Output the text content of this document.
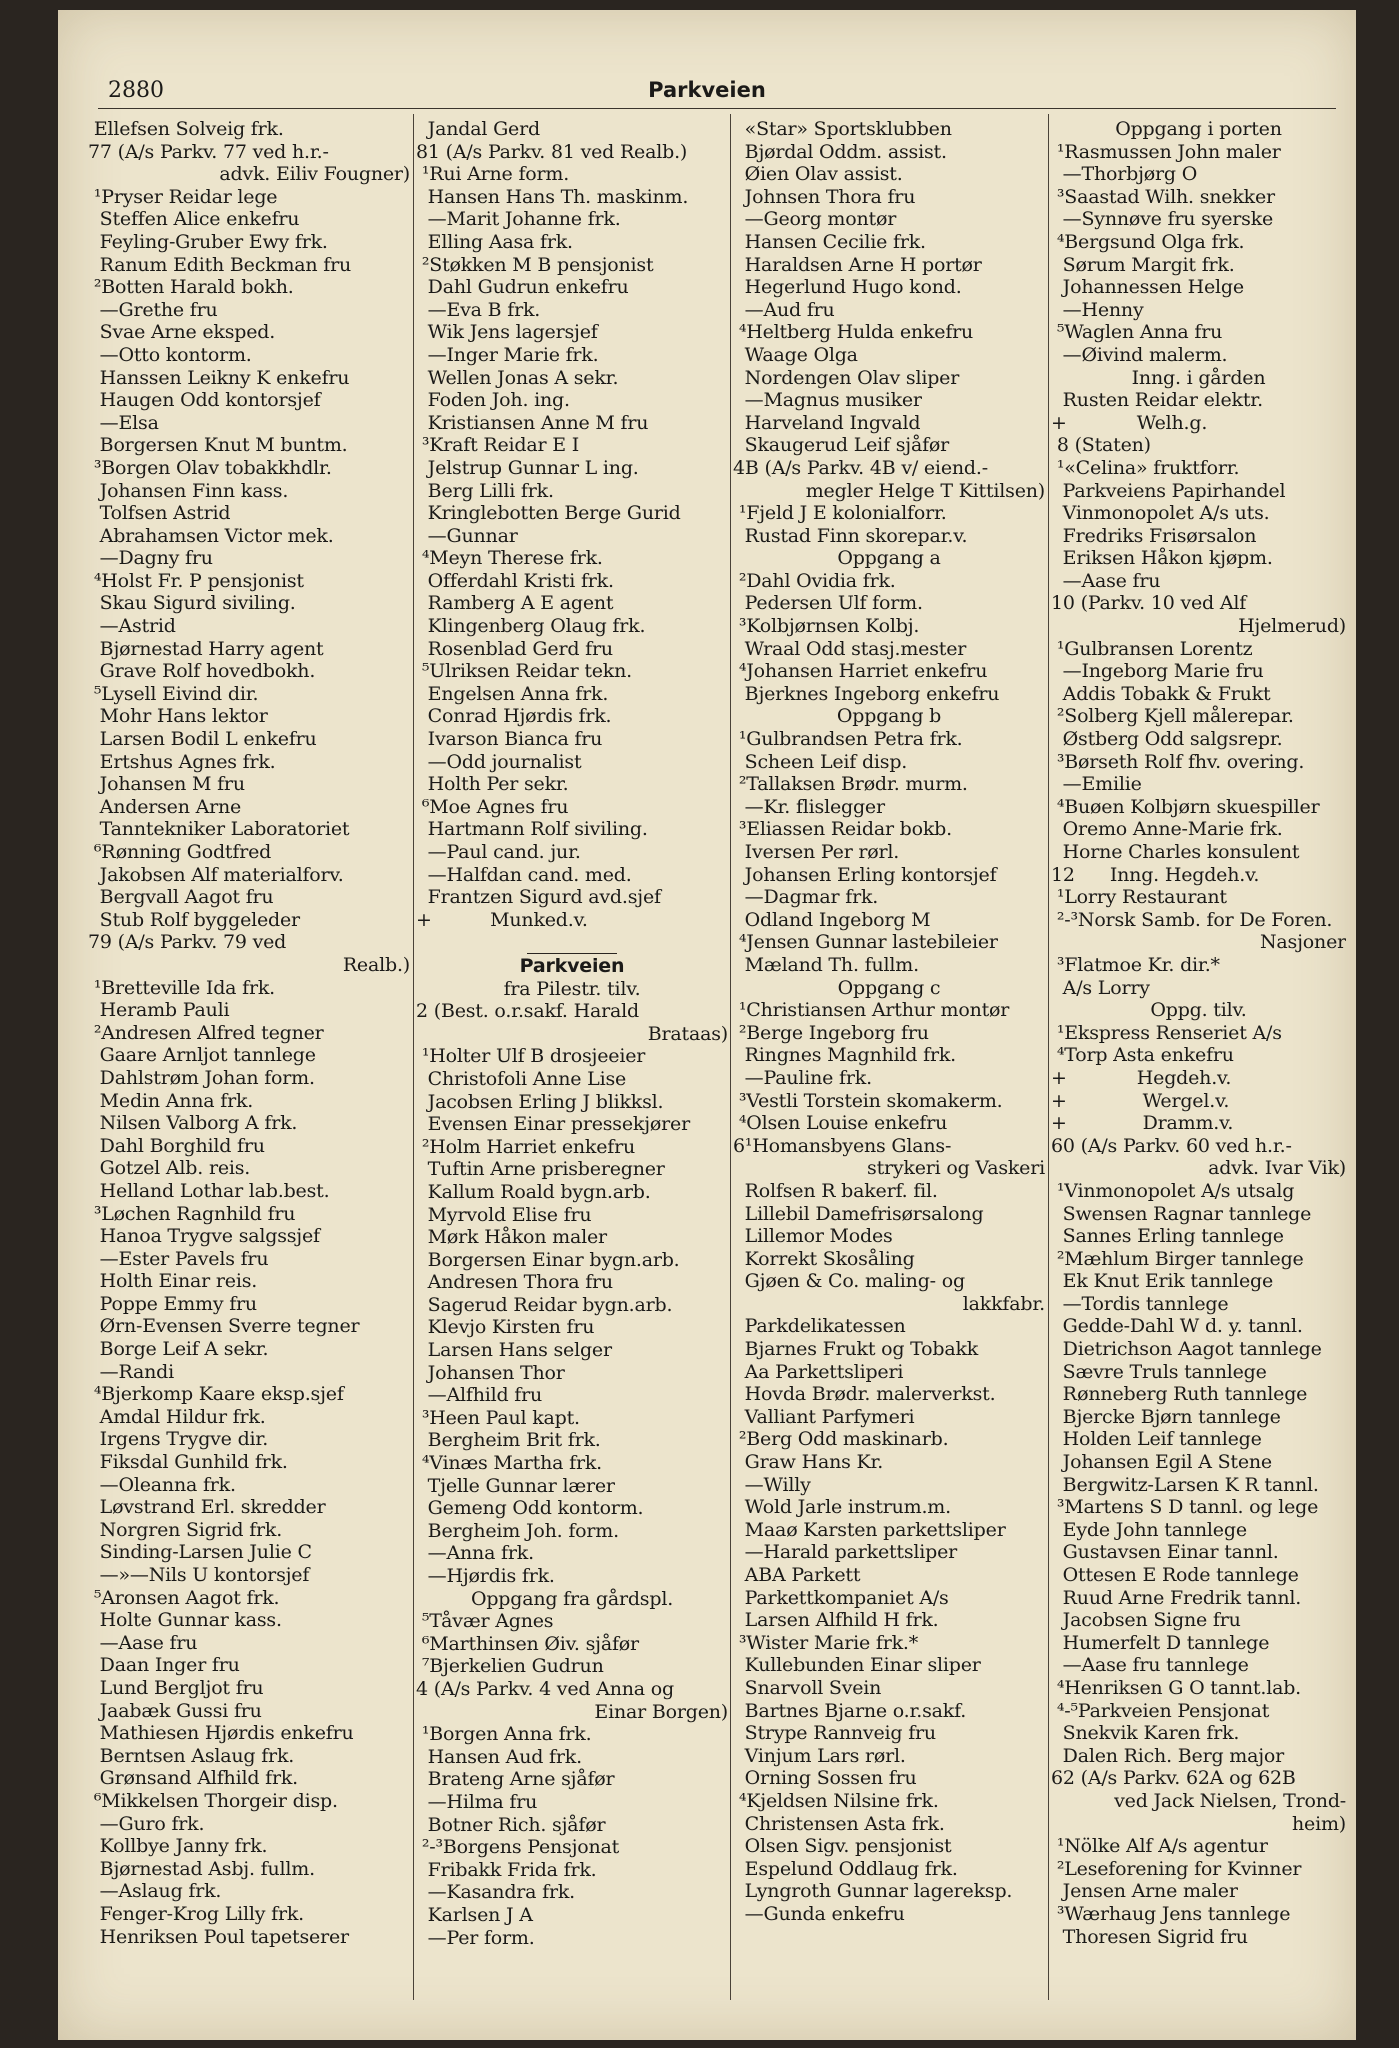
2880	Parkveien
Ellefsen Solveig frk.
77 (A/s Parkv. 77 ved h.r.-
advk. Eiliv Fougner)
¹Pryser Reidar lege
Steffen Alice enkefru
Feyling-Gruber Ewy frk.
Ranum Edith Beckman fru
²Botten Harald bokh.
—Grethe fru
Svae Arne eksped.
—Otto kontorm.
Hanssen Leikny K enkefru
Haugen Odd kontorsjef
—Elsa
Borgersen Knut M buntm.
³Borgen Olav tobakkhdlr.
Johansen Finn kass.
Tolfsen Astrid
Abrahamsen Victor mek.
—Dagny fru
⁴Holst Fr. P pensjonist
Skau Sigurd siviling.
—Astrid
Bjørnestad Harry agent
Grave Rolf hovedbokh.
⁵Lysell Eivind dir.
Mohr Hans lektor
Larsen Bodil L enkefru
Ertshus Agnes frk.
Johansen M fru
Andersen Arne
Tanntekniker Laboratoriet
⁶Rønning Godtfred
Jakobsen Alf materialforv.
Bergvall Aagot fru
Stub Rolf byggeleder
79 (A/s Parkv. 79 ved
Realb.)
¹Bretteville Ida frk.
Heramb Pauli
²Andresen Alfred tegner
Gaare Arnljot tannlege
Dahlstrøm Johan form.
Medin Anna frk.
Nilsen Valborg A frk.
Dahl Borghild fru
Gotzel Alb. reis.
Helland Lothar lab.best.
³Løchen Ragnhild fru
Hanoa Trygve salgssjef
—Ester Pavels fru
Holth Einar reis.
Poppe Emmy fru
Ørn-Evensen Sverre tegner
Borge Leif A sekr.
—Randi
⁴Bjerkomp Kaare eksp.sjef
Amdal Hildur frk.
Irgens Trygve dir.
Fiksdal Gunhild frk.
—Oleanna frk.
Løvstrand Erl. skredder
Norgren Sigrid frk.
Sinding-Larsen Julie C
—»—Nils U kontorsjef
⁵Aronsen Aagot frk.
Holte Gunnar kass.
—Aase fru
Daan Inger fru
Lund Bergljot fru
Jaabæk Gussi fru
Mathiesen Hjørdis enkefru
Berntsen Aslaug frk.
Grønsand Alfhild frk.
⁶Mikkelsen Thorgeir disp.
—Guro frk.
Kollbye Janny frk.
Bjørnestad Asbj. fullm.
—Aslaug frk.
Fenger-Krog Lilly frk.
Henriksen Poul tapetserer
Jandal Gerd
81 (A/s Parkv. 81 ved Realb.)
¹Rui Arne form.
Hansen Hans Th. maskinm.
—Marit Johanne frk.
Elling Aasa frk.
²Støkken M B pensjonist
Dahl Gudrun enkefru
—Eva B frk.
Wik Jens lagersjef
—Inger Marie frk.
Wellen Jonas A sekr.
Foden Joh. ing.
Kristiansen Anne M fru
³Kraft Reidar E I
Jelstrup Gunnar L ing.
Berg Lilli frk.
Kringlebotten Berge Gurid
—Gunnar
⁴Meyn Therese frk.
Offerdahl Kristi frk.
Ramberg A E agent
Klingenberg Olaug frk.
Rosenblad Gerd fru
⁵Ulriksen Reidar tekn.
Engelsen Anna frk.
Conrad Hjørdis frk.
Ivarson Bianca fru
—Odd journalist
Holth Per sekr.
⁶Moe Agnes fru
Hartmann Rolf siviling.
—Paul cand. jur.
—Halfdan cand. med.
Frantzen Sigurd avd.sjef
+          Munked.v.
Parkveien
fra Pilestr. tilv.
2 (Best. o.r.sakf. Harald
Brataas)
¹Holter Ulf B drosjeeier
Christofoli Anne Lise
Jacobsen Erling J blikksl.
Evensen Einar pressekjører
²Holm Harriet enkefru
Tuftin Arne prisberegner
Kallum Roald bygn.arb.
Myrvold Elise fru
Mørk Håkon maler
Borgersen Einar bygn.arb.
Andresen Thora fru
Sagerud Reidar bygn.arb.
Klevjo Kirsten fru
Larsen Hans selger
Johansen Thor
—Alfhild fru
³Heen Paul kapt.
Bergheim Brit frk.
⁴Vinæs Martha frk.
Tjelle Gunnar lærer
Gemeng Odd kontorm.
Bergheim Joh. form.
—Anna frk.
—Hjørdis frk.
Oppgang fra gårdspl.
⁵Tåvær Agnes
⁶Marthinsen Øiv. sjåfør
⁷Bjerkelien Gudrun
4 (A/s Parkv. 4 ved Anna og
Einar Borgen)
¹Borgen Anna frk.
Hansen Aud frk.
Brateng Arne sjåfør
—Hilma fru
Botner Rich. sjåfør
²-³Borgens Pensjonat
Fribakk Frida frk.
—Kasandra frk.
Karlsen J A
—Per form.
«Star» Sportsklubben
Bjørdal Oddm. assist.
Øien Olav assist.
Johnsen Thora fru
—Georg montør
Hansen Cecilie frk.
Haraldsen Arne H portør
Hegerlund Hugo kond.
—Aud fru
⁴Heltberg Hulda enkefru
Waage Olga
Nordengen Olav sliper
—Magnus musiker
Harveland Ingvald
Skaugerud Leif sjåfør
4B (A/s Parkv. 4B v/ eiend.-
megler Helge T Kittilsen)
¹Fjeld J E kolonialforr.
Rustad Finn skorepar.v.
Oppgang a
²Dahl Ovidia frk.
Pedersen Ulf form.
³Kolbjørnsen Kolbj.
Wraal Odd stasj.mester
⁴Johansen Harriet enkefru
Bjerknes Ingeborg enkefru
Oppgang b
¹Gulbrandsen Petra frk.
Scheen Leif disp.
²Tallaksen Brødr. murm.
—Kr. flislegger
³Eliassen Reidar bokb.
Iversen Per rørl.
Johansen Erling kontorsjef
—Dagmar frk.
Odland Ingeborg M
⁴Jensen Gunnar lastebileier
Mæland Th. fullm.
Oppgang c
¹Christiansen Arthur montør
²Berge Ingeborg fru
Ringnes Magnhild frk.
—Pauline frk.
³Vestli Torstein skomakerm.
⁴Olsen Louise enkefru
6¹Homansbyens Glans-
strykeri og Vaskeri
Rolfsen R bakerf. fil.
Lillebil Damefrisørsalong
Lillemor Modes
Korrekt Skosåling
Gjøen & Co. maling- og
lakkfabr.
Parkdelikatessen
Bjarnes Frukt og Tobakk
Aa Parkettsliperi
Hovda Brødr. malerverkst.
Valliant Parfymeri
²Berg Odd maskinarb.
Graw Hans Kr.
—Willy
Wold Jarle instrum.m.
Maaø Karsten parkettsliper
—Harald parkettsliper
ABA Parkett
Parkettkompaniet A/s
Larsen Alfhild H frk.
³Wister Marie frk.*
Kullebunden Einar sliper
Snarvoll Svein
Bartnes Bjarne o.r.sakf.
Strype Rannveig fru
Vinjum Lars rørl.
Orning Sossen fru
⁴Kjeldsen Nilsine frk.
Christensen Asta frk.
Olsen Sigv. pensjonist
Espelund Oddlaug frk.
Lyngroth Gunnar lagereksp.
—Gunda enkefru
Oppgang i porten
¹Rasmussen John maler
—Thorbjørg O
³Saastad Wilh. snekker
—Synnøve fru syerske
⁴Bergsund Olga frk.
Sørum Margit frk.
Johannessen Helge
—Henny
⁵Waglen Anna fru
—Øivind malerm.
Inng. i gården
Rusten Reidar elektr.
+            Welh.g.
8 (Staten)
¹«Celina» fruktforr.
Parkveiens Papirhandel
Vinmonopolet A/s uts.
Fredriks Frisørsalon
Eriksen Håkon kjøpm.
—Aase fru
10 (Parkv. 10 ved Alf
Hjelmerud)
¹Gulbransen Lorentz
—Ingeborg Marie fru
Addis Tobakk & Frukt
²Solberg Kjell målerepar.
Østberg Odd salgsrepr.
³Børseth Rolf fhv. overing.
—Emilie
⁴Buøen Kolbjørn skuespiller
Oremo Anne-Marie frk.
Horne Charles konsulent
12      Inng. Hegdeh.v.
¹Lorry Restaurant
²-³Norsk Samb. for De Foren.
Nasjoner
³Flatmoe Kr. dir.*
A/s Lorry
Oppg. tilv.
¹Ekspress Renseriet A/s
⁴Torp Asta enkefru
+            Hegdeh.v.
+             Wergel.v.
+             Dramm.v.
60 (A/s Parkv. 60 ved h.r.-
advk. Ivar Vik)
¹Vinmonopolet A/s utsalg
Swensen Ragnar tannlege
Sannes Erling tannlege
²Mæhlum Birger tannlege
Ek Knut Erik tannlege
—Tordis tannlege
Gedde-Dahl W d. y. tannl.
Dietrichson Aagot tannlege
Sævre Truls tannlege
Rønneberg Ruth tannlege
Bjercke Bjørn tannlege
Holden Leif tannlege
Johansen Egil A Stene
Bergwitz-Larsen K R tannl.
³Martens S D tannl. og lege
Eyde John tannlege
Gustavsen Einar tannl.
Ottesen E Rode tannlege
Ruud Arne Fredrik tannl.
Jacobsen Signe fru
Humerfelt D tannlege
—Aase fru tannlege
⁴Henriksen G O tannt.lab.
⁴-⁵Parkveien Pensjonat
Snekvik Karen frk.
Dalen Rich. Berg major
62 (A/s Parkv. 62A og 62B
ved Jack Nielsen, Trond-
heim)
¹Nölke Alf A/s agentur
²Leseforening for Kvinner
Jensen Arne maler
³Wærhaug Jens tannlege
Thoresen Sigrid fru
